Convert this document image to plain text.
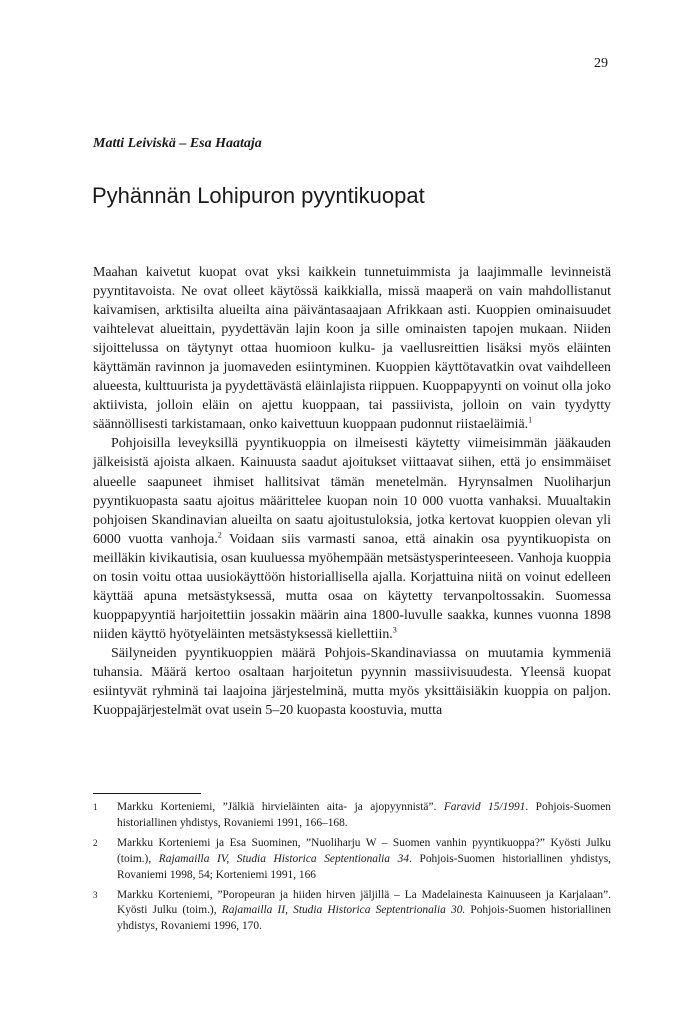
29
Matti Leiviskä – Esa Haataja
Pyhännän Lohipuron pyyntikuopat

Maahan kaivetut kuopat ovat yksi kaikkein tunnetuimmista ja laajimmalle levinneistä pyyntitavoista. Ne ovat olleet käytössä kaikkialla, missä maaperä on vain mahdollistanut kaivamisen, arktisilta alueilta aina päiväntasaajaan Afrikkaan asti. Kuoppien ominaisuudet vaihtelevat alueittain, pyydettävän lajin koon ja sille ominaisten tapojen mukaan. Niiden sijoittelussa on täytynyt ottaa huomioon kulku- ja vaellusreittien lisäksi myös eläinten käyttämän ravinnon ja juomaveden esiintyminen. Kuoppien käyttötavatkin ovat vaihdelleen alueesta, kulttuurista ja pyydettävästä eläinlajista riippuen. Kuoppapyynti on voinut olla joko aktiivista, jolloin eläin on ajettu kuoppaan, tai passiivista, jolloin on vain tyydytty säännöllisesti tarkistamaan, onko kaivettuun kuoppaan pudonnut riistaeläimiä.$^1$

Pohjoisilla leveyksillä pyyntikuoppia on ilmeisesti käytetty viimeisimmän jääkauden jälkeisistä ajoista alkaen. Kainuusta saadut ajoitukset viittaavat siihen, että jo ensimmäiset alueelle saapuneet ihmiset hallitsivat tämän menetelmän. Hyrynsalmen Nuoliharjun pyyntikuopasta saatu ajoitus määrittelee kuopan noin 10 000 vuotta vanhaksi. Muualtakin pohjoisen Skandinavian alueilta on saatu ajoitustuloksia, jotka kertovat kuoppien olevan yli 6000 vuotta vanhoja.$^2$ Voidaan siis varmasti sanoa, että ainakin osa pyyntikuopista on meilläkin kivikautisia, osan kuuluessa myöhempään metsästysperinteeseen. Vanhoja kuoppia on tosin voitu ottaa uusiokäyttöön historiallisella ajalla. Korjattuina niitä on voinut edelleen käyttää apuna metsästyksessä, mutta osaa on käytetty tervanpoltossakin. Suomessa kuoppapyyntiä harjoitettiin jossakin määrin aina 1800-luvulle saakka, kunnes vuonna 1898 niiden käyttö hyötyeläinten metsästyksessä kiellettiin.$^3$

Säilyneiden pyyntikuoppien määrä Pohjois-Skandinaviassa on muutamia kymmeniä tuhansia. Määrä kertoo osaltaan harjoitetun pyynnin massiivisuudesta. Yleensä kuopat esiintyvät ryhminä tai laajoina järjestelminä, mutta myös yksittäisiäkin kuoppia on paljon. Kuoppajärjestelmät ovat usein 5–20 kuopasta koostuvia, mutta

1	Markku Korteniemi, ”Jälkiä hirvieläinten aita- ja ajopyynnistä”. Faravid 15/1991. Pohjois-Suomen historiallinen yhdistys, Rovaniemi 1991, 166–168.
2	Markku Korteniemi ja Esa Suominen, ”Nuoliharju W – Suomen vanhin pyyntikuoppa?” Kyösti Julku (toim.), Rajamailla IV, Studia Historica Septentionalia 34. Pohjois-Suomen historiallinen yhdistys, Rovaniemi 1998, 54; Korteniemi 1991, 166
3	Markku Korteniemi, ”Poropeuran ja hiiden hirven jäljillä – La Madelainesta Kainuuseen ja Karjalaan”. Kyösti Julku (toim.), Rajamailla II, Studia Historica Septentrionalia 30. Pohjois-Suomen historiallinen yhdistys, Rovaniemi 1996, 170.
